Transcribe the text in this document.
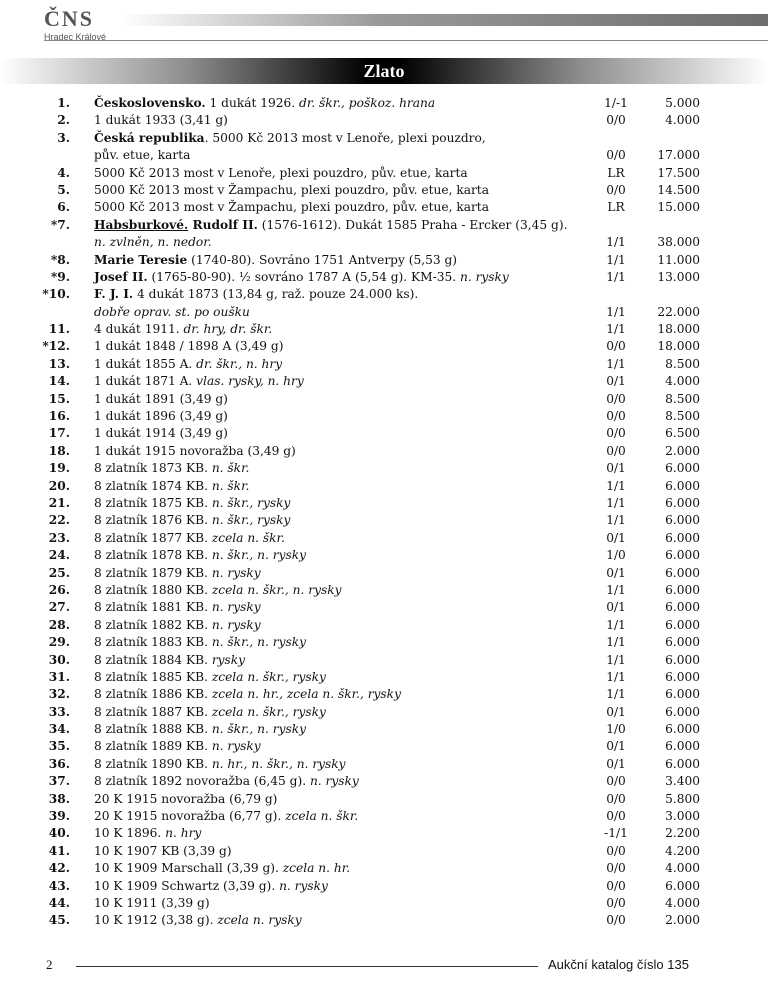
ČNS
Hradec Králové
Zlato
1. Československo. 1 dukát 1926. dr. škr., poškoz. hrana	1/-1	5.000
2. 1 dukát 1933 (3,41 g)	0/0	4.000
3. Česká republika. 5000 Kč 2013 most v Lenoře, plexi pouzdro,
pův. etue, karta	0/0	17.000
4. 5000 Kč 2013 most v Lenoře, plexi pouzdro, pův. etue, karta	LR	17.500
5. 5000 Kč 2013 most v Žampachu, plexi pouzdro, pův. etue, karta	0/0	14.500
6. 5000 Kč 2013 most v Žampachu, plexi pouzdro, pův. etue, karta	LR	15.000
*7. Habsburkové. Rudolf II. (1576-1612). Dukát 1585 Praha - Ercker (3,45 g).
n. zvlněn, n. nedor.	1/1	38.000
*8. Marie Teresie (1740-80). Sovráno 1751 Antverpy (5,53 g)	1/1	11.000
*9. Josef II. (1765-80-90). ½ sovráno 1787 A (5,54 g). KM-35. n. rysky	1/1	13.000
*10. F. J. I. 4 dukát 1873 (13,84 g, raž. pouze 24.000 ks).
dobře oprav. st. po oušku	1/1	22.000
11. 4 dukát 1911. dr. hry, dr. škr.	1/1	18.000
*12. 1 dukát 1848 / 1898 A (3,49 g)	0/0	18.000
13. 1 dukát 1855 A. dr. škr., n. hry	1/1	8.500
14. 1 dukát 1871 A. vlas. rysky, n. hry	0/1	4.000
15. 1 dukát 1891 (3,49 g)	0/0	8.500
16. 1 dukát 1896 (3,49 g)	0/0	8.500
17. 1 dukát 1914 (3,49 g)	0/0	6.500
18. 1 dukát 1915 novoražba (3,49 g)	0/0	2.000
19. 8 zlatník 1873 KB. n. škr.	0/1	6.000
20. 8 zlatník 1874 KB. n. škr.	1/1	6.000
21. 8 zlatník 1875 KB. n. škr., rysky	1/1	6.000
22. 8 zlatník 1876 KB. n. škr., rysky	1/1	6.000
23. 8 zlatník 1877 KB. zcela n. škr.	0/1	6.000
24. 8 zlatník 1878 KB. n. škr., n. rysky	1/0	6.000
25. 8 zlatník 1879 KB. n. rysky	0/1	6.000
26. 8 zlatník 1880 KB. zcela n. škr., n. rysky	1/1	6.000
27. 8 zlatník 1881 KB. n. rysky	0/1	6.000
28. 8 zlatník 1882 KB. n. rysky	1/1	6.000
29. 8 zlatník 1883 KB. n. škr., n. rysky	1/1	6.000
30. 8 zlatník 1884 KB. rysky	1/1	6.000
31. 8 zlatník 1885 KB. zcela n. škr., rysky	1/1	6.000
32. 8 zlatník 1886 KB. zcela n. hr., zcela n. škr., rysky	1/1	6.000
33. 8 zlatník 1887 KB. zcela n. škr., rysky	0/1	6.000
34. 8 zlatník 1888 KB. n. škr., n. rysky	1/0	6.000
35. 8 zlatník 1889 KB. n. rysky	0/1	6.000
36. 8 zlatník 1890 KB. n. hr., n. škr., n. rysky	0/1	6.000
37. 8 zlatník 1892 novoražba (6,45 g). n. rysky	0/0	3.400
38. 20 K 1915 novoražba (6,79 g)	0/0	5.800
39. 20 K 1915 novoražba (6,77 g). zcela n. škr.	0/0	3.000
40. 10 K 1896. n. hry	-1/1	2.200
41. 10 K 1907 KB (3,39 g)	0/0	4.200
42. 10 K 1909 Marschall (3,39 g). zcela n. hr.	0/0	4.000
43. 10 K 1909 Schwartz (3,39 g). n. rysky	0/0	6.000
44. 10 K 1911 (3,39 g)	0/0	4.000
45. 10 K 1912 (3,38 g). zcela n. rysky	0/0	2.000
2	Aukční katalog číslo 135
